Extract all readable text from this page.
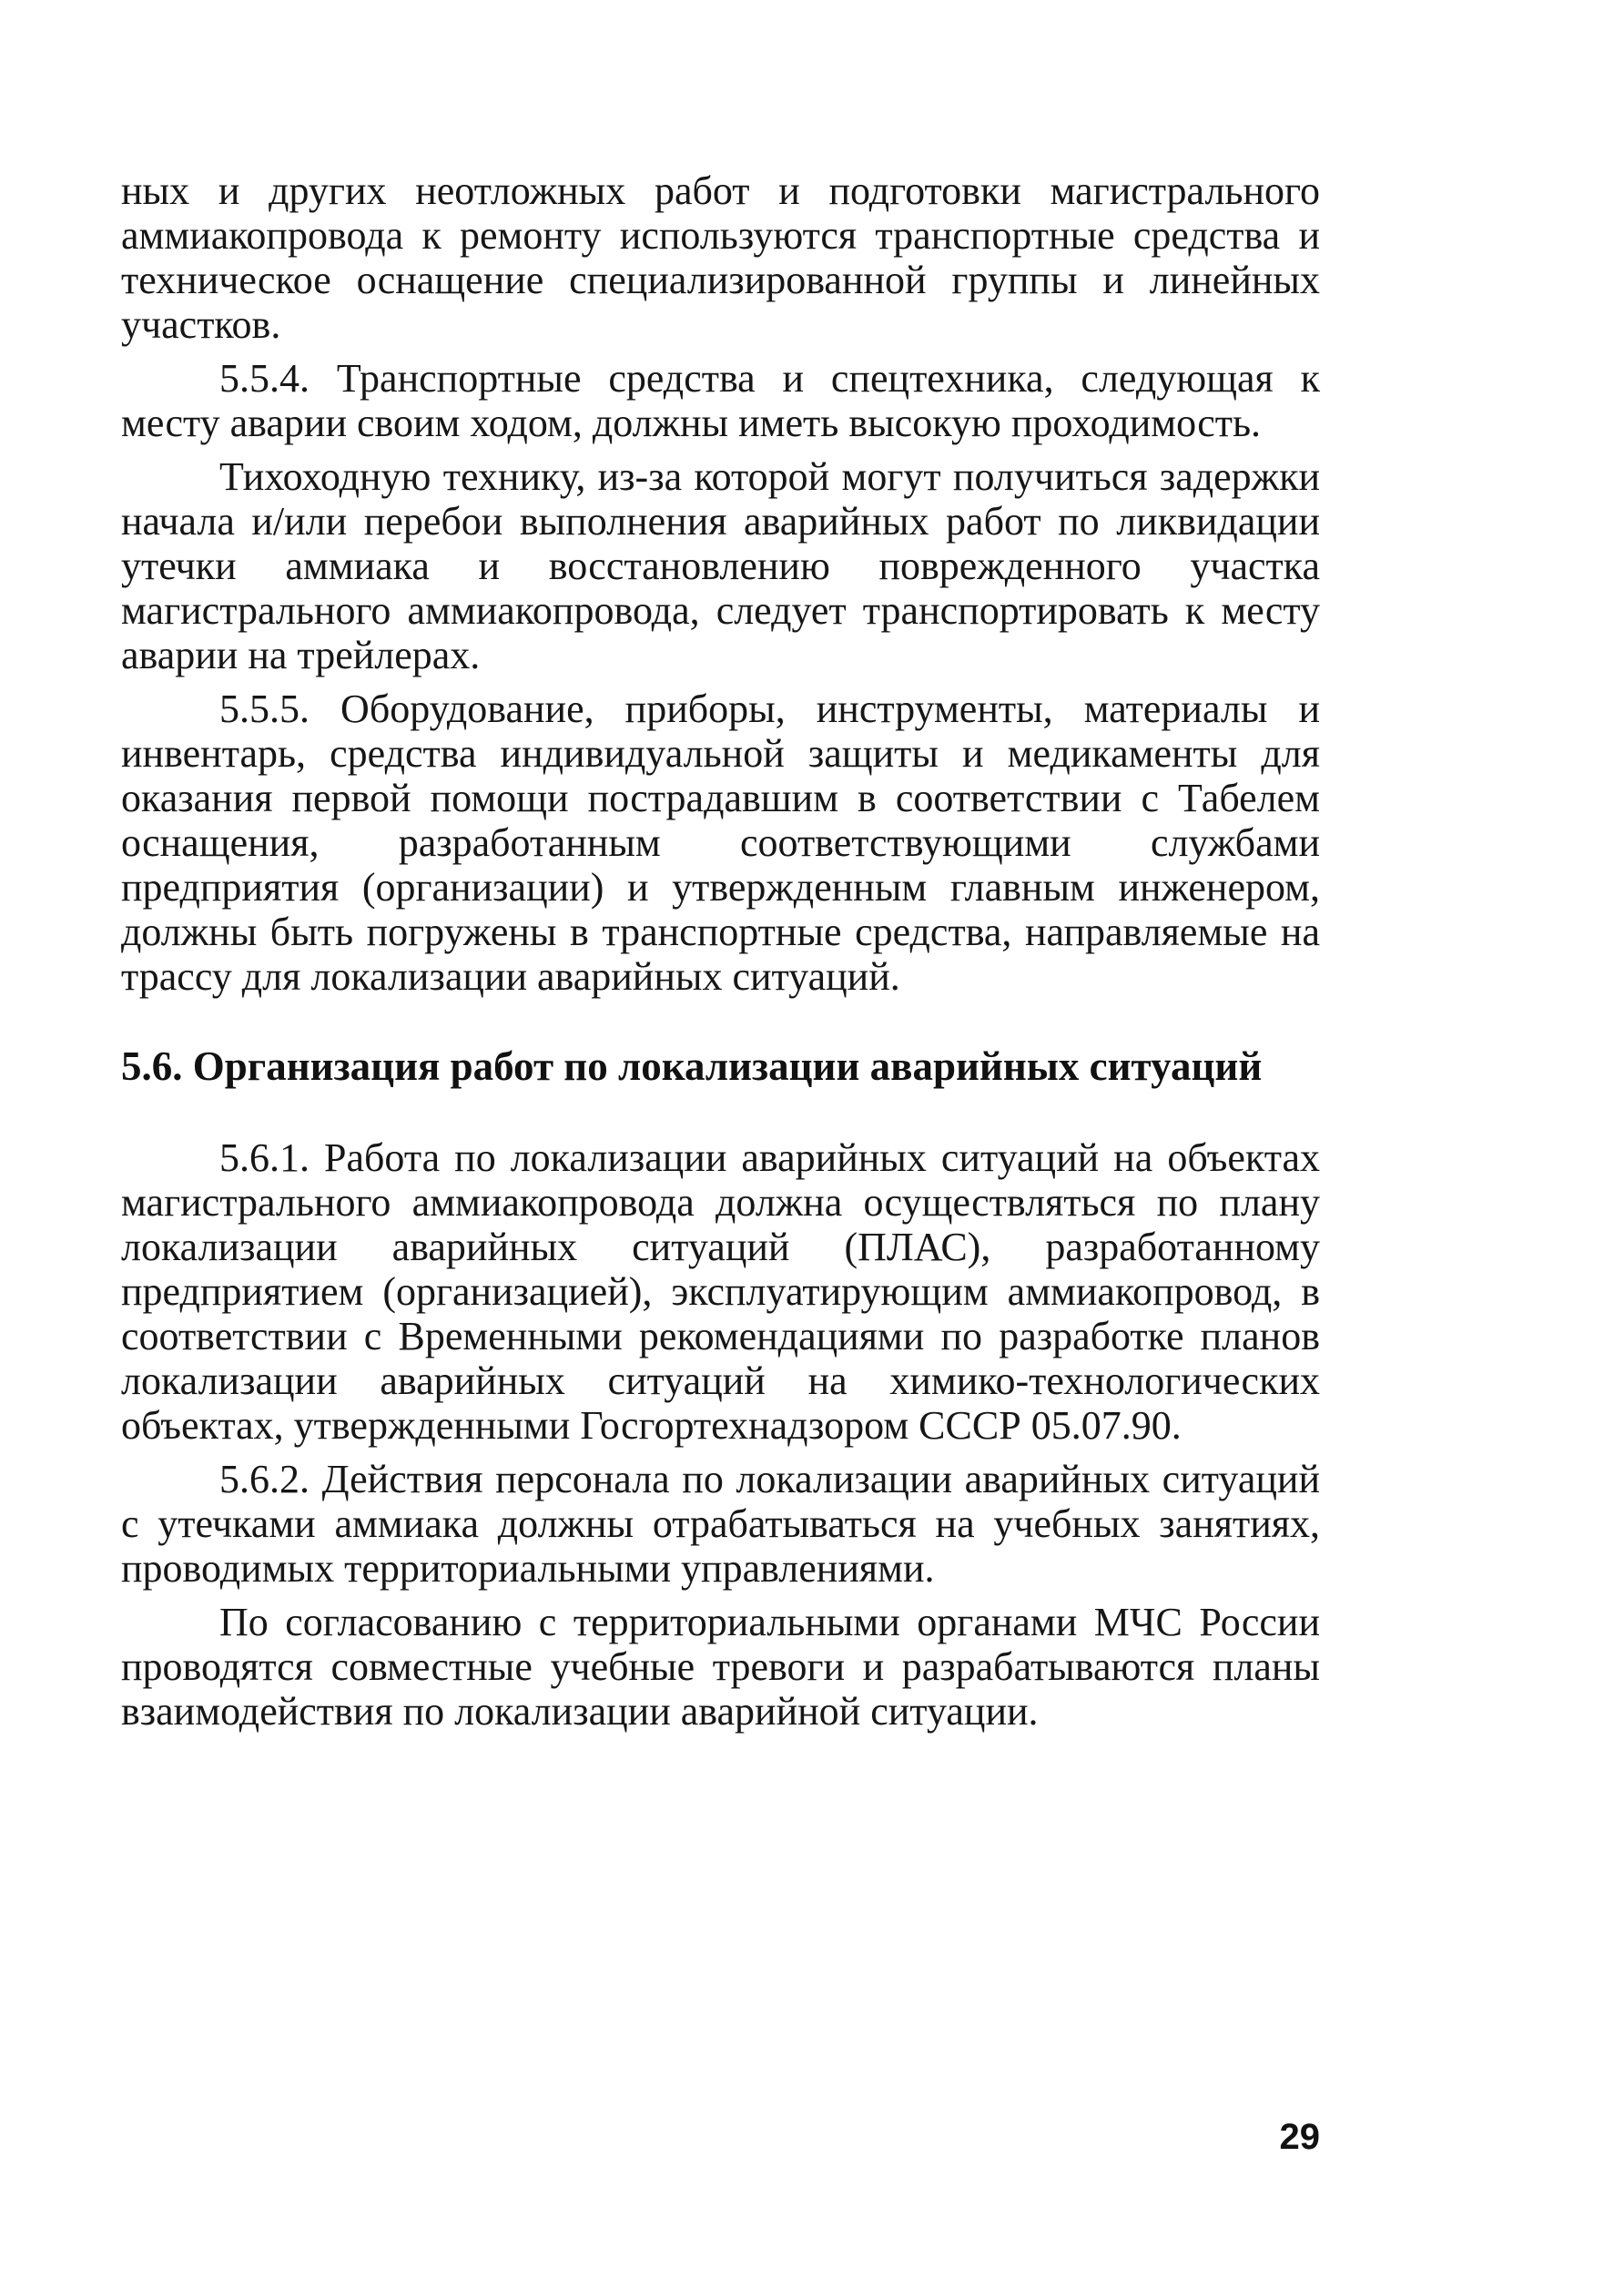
ных и других неотложных работ и подготовки магистрального аммиакопровода к ремонту используются транспортные средства и техническое оснащение специализированной группы и линейных участков.

5.5.4. Транспортные средства и спецтехника, следующая к месту аварии своим ходом, должны иметь высокую проходимость.

Тихоходную технику, из-за которой могут получиться задержки начала и/или перебои выполнения аварийных работ по ликвидации утечки аммиака и восстановлению поврежденного участка магистрального аммиакопровода, следует транспортировать к месту аварии на трейлерах.

5.5.5. Оборудование, приборы, инструменты, материалы и инвентарь, средства индивидуальной защиты и медикаменты для оказания первой помощи пострадавшим в соответствии с Табелем оснащения, разработанным соответствующими службами предприятия (организации) и утвержденным главным инженером, должны быть погружены в транспортные средства, направляемые на трассу для локализации аварийных ситуаций.

5.6. Организация работ по локализации аварийных ситуаций

5.6.1. Работа по локализации аварийных ситуаций на объектах магистрального аммиакопровода должна осуществляться по плану локализации аварийных ситуаций (ПЛАС), разработанному предприятием (организацией), эксплуатирующим аммиакопровод, в соответствии с Временными рекомендациями по разработке планов локализации аварийных ситуаций на химико-технологических объектах, утвержденными Госгортехнадзором СССР 05.07.90.

5.6.2. Действия персонала по локализации аварийных ситуаций с утечками аммиака должны отрабатываться на учебных занятиях, проводимых территориальными управлениями.

По согласованию с территориальными органами МЧС России проводятся совместные учебные тревоги и разрабатываются планы взаимодействия по локализации аварийной ситуации.

29
